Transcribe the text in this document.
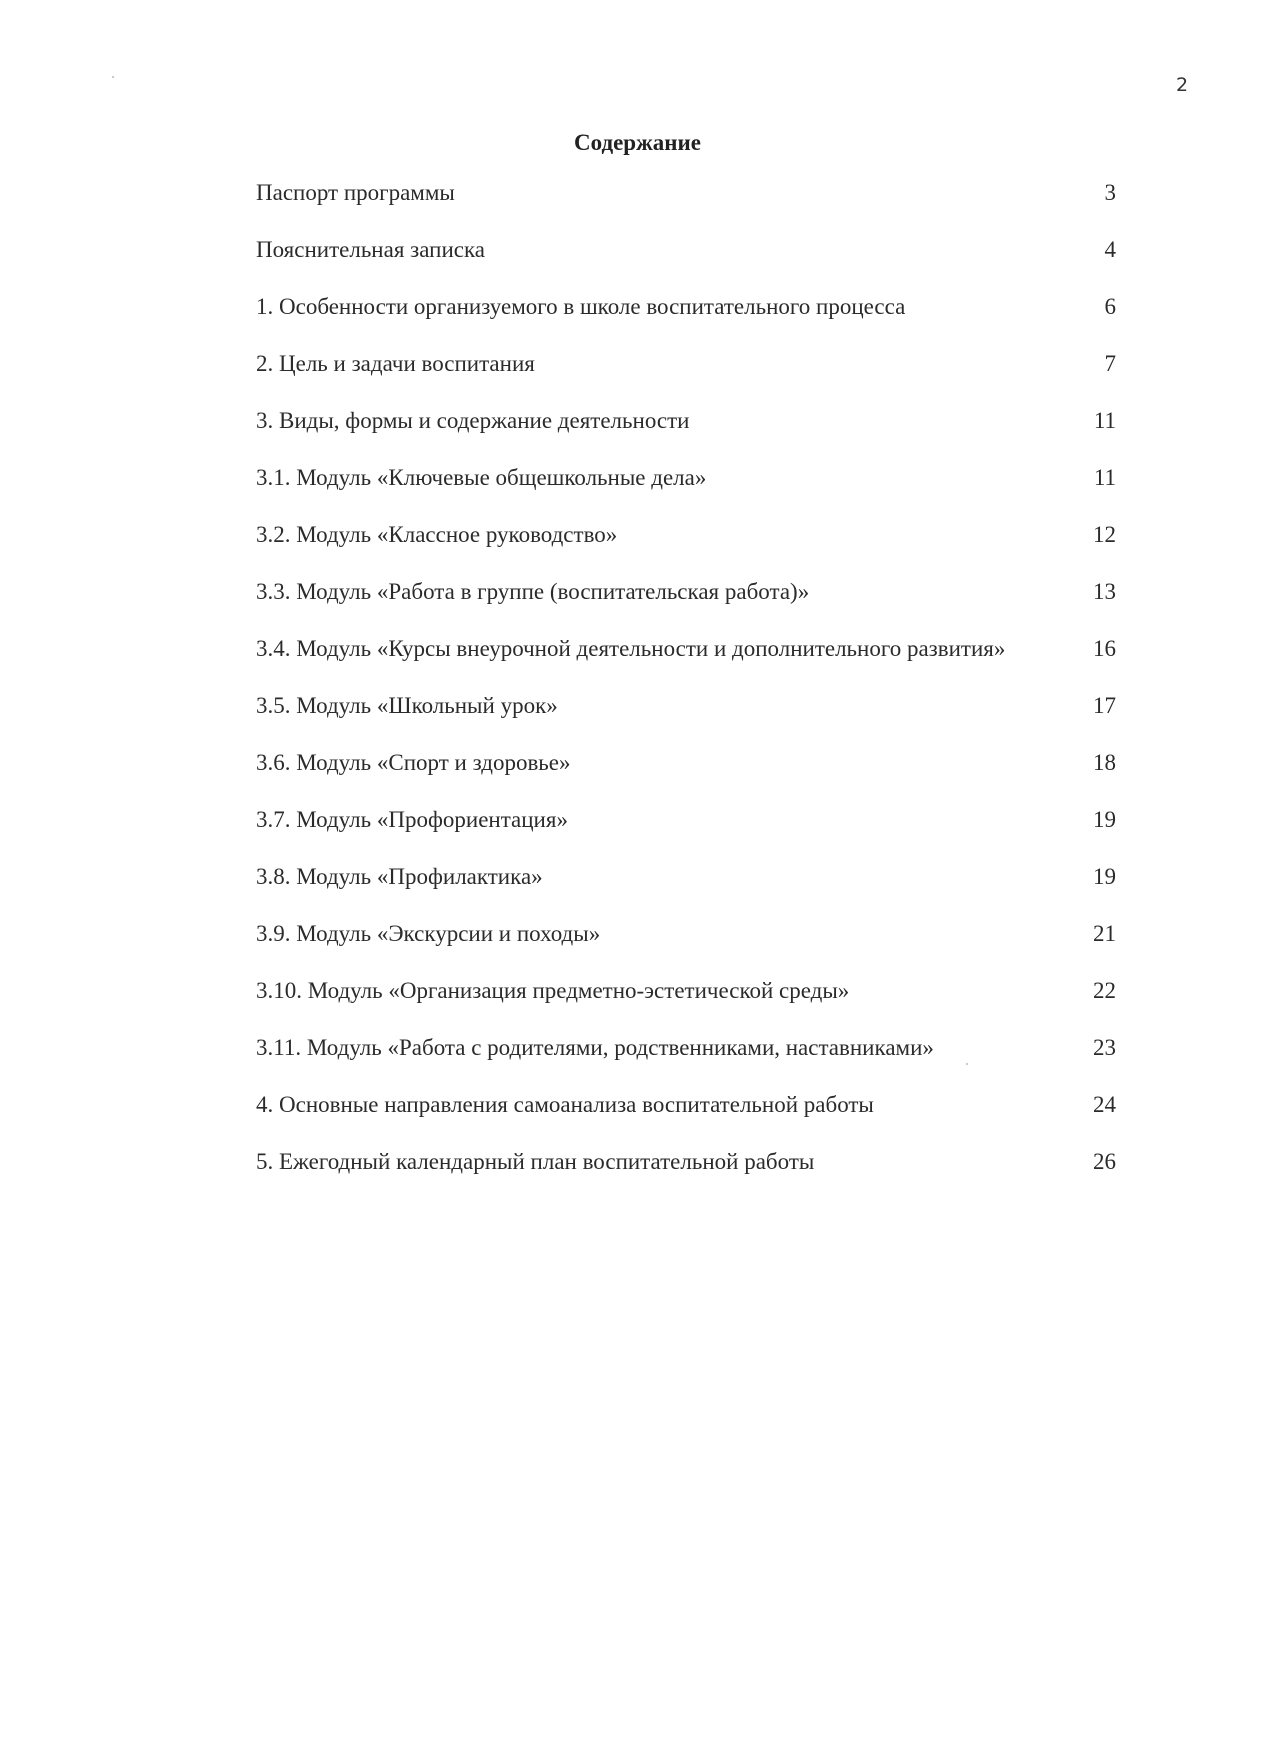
2
Содержание
Паспорт программы	3
Пояснительная записка	4
1. Особенности организуемого в школе воспитательного процесса	6
2. Цель и задачи воспитания	7
3. Виды, формы и содержание деятельности	11
3.1. Модуль «Ключевые общешкольные дела»	11
3.2. Модуль «Классное руководство»	12
3.3. Модуль «Работа в группе (воспитательская работа)»	13
3.4. Модуль «Курсы внеурочной деятельности и дополнительного развития»	16
3.5. Модуль «Школьный урок»	17
3.6. Модуль «Спорт и здоровье»	18
3.7. Модуль «Профориентация»	19
3.8. Модуль «Профилактика»	19
3.9. Модуль «Экскурсии и походы»	21
3.10. Модуль «Организация предметно-эстетической среды»	22
3.11. Модуль «Работа с родителями, родственниками, наставниками»	23
4. Основные направления самоанализа воспитательной работы	24
5. Ежегодный календарный план воспитательной работы	26
